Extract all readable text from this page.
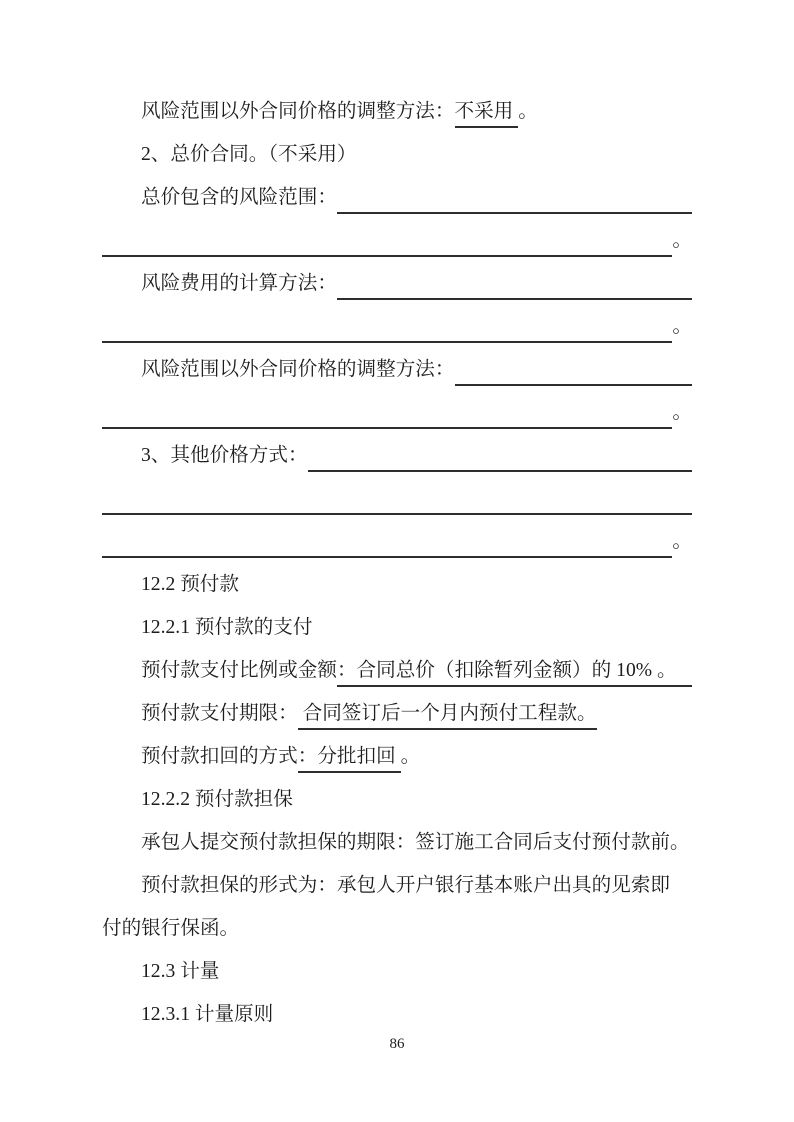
风险范围以外合同价格的调整方法： 不采用 。
2、总价合同。（不采用）
总价包含的风险范围：
。
风险费用的计算方法：
。
风险范围以外合同价格的调整方法：
。
3、其他价格方式：
。
12.2 预付款
12.2.1 预付款的支付
预付款支付比例或金额 ：合同总价（扣除暂列金额）的 10% 。
预付款支付期限： 合同签订后一个月内预付工程款。
预付款扣回的方式 ：分批扣回 。
12.2.2 预付款担保
承包人提交预付款担保的期限：签订施工合同后支付预付款前。
预付款担保的形式为：承包人开户银行基本账户出具的见索即
付的银行保函。
12.3 计量
12.3.1 计量原则
86
